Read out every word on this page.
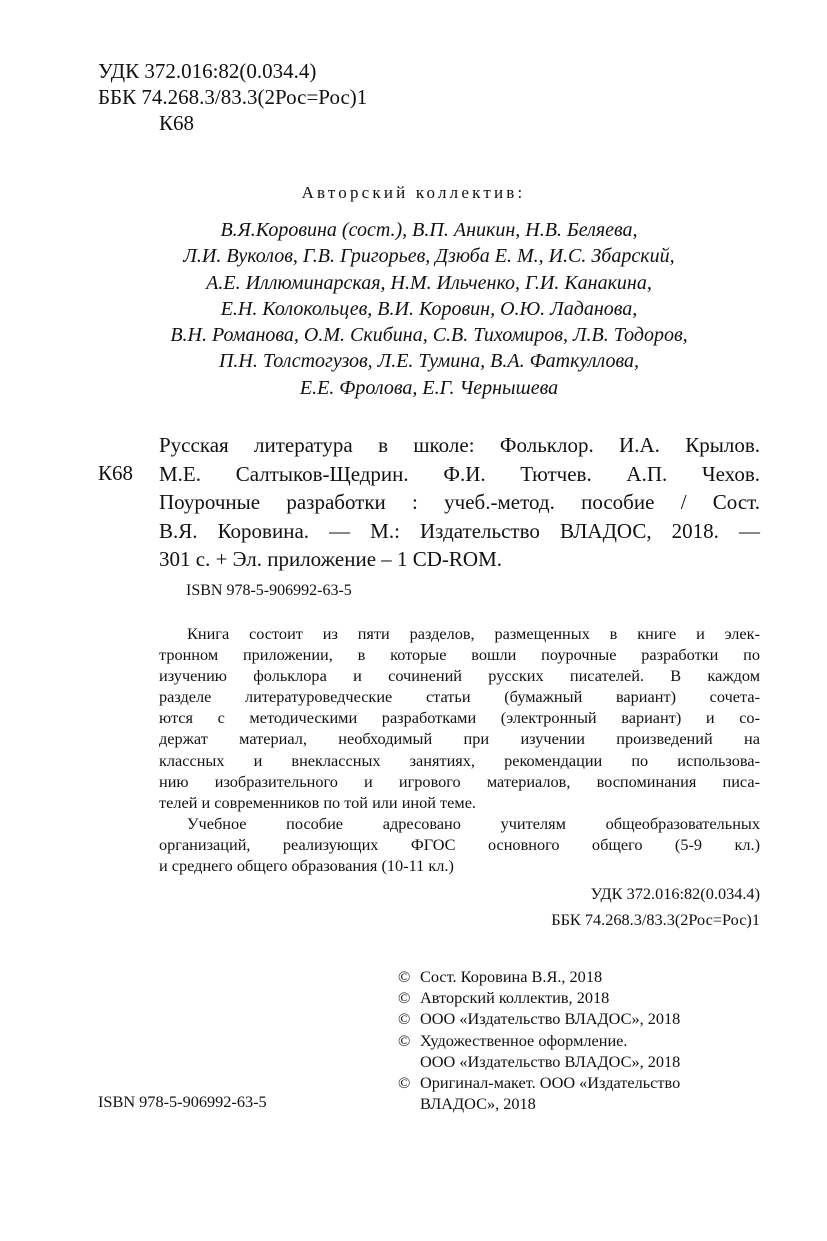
УДК 372.016:82(0.034.4)
ББК 74.268.3/83.3(2Рос=Рос)1
К68
Авторский коллектив:
В.Я.Коровина (сост.), В.П. Аникин, Н.В. Беляева,
Л.И. Вуколов, Г.В. Григорьев, Дзюба Е. М., И.С. Збарский,
А.Е. Иллюминарская, Н.М. Ильченко, Г.И. Канакина,
Е.Н. Колокольцев, В.И. Коровин, О.Ю. Ладанова,
В.Н. Романова, О.М. Скибина, С.В. Тихомиров, Л.В. Тодоров,
П.Н. Толстогузов, Л.Е. Тумина, В.А. Фаткуллова,
Е.Е. Фролова, Е.Г. Чернышева
К68
Русская литература в школе: Фольклор. И.А. Крылов.
М.Е. Салтыков-Щедрин. Ф.И. Тютчев. А.П. Чехов.
Поурочные разработки : учеб.-метод. пособие / Сост.
В.Я. Коровина. — М.: Издательство ВЛАДОС, 2018. —
301 с. + Эл. приложение – 1 CD-ROM.
ISBN 978-5-906992-63-5
Книга состоит из пяти разделов, размещенных в книге и элек-
тронном приложении, в которые вошли поурочные разработки по
изучению фольклора и сочинений русских писателей. В каждом
разделе литературоведческие статьи (бумажный вариант) сочета-
ются с методическими разработками (электронный вариант) и со-
держат материал, необходимый при изучении произведений на
классных и внеклассных занятиях, рекомендации по использова-
нию изобразительного и игрового материалов, воспоминания писа-
телей и современников по той или иной теме.
Учебное пособие адресовано учителям общеобразовательных
организаций, реализующих ФГОС основного общего (5-9 кл.)
и среднего общего образования (10-11 кл.)
УДК 372.016:82(0.034.4)
ББК 74.268.3/83.3(2Рос=Рос)1
© Сост. Коровина В.Я., 2018
© Авторский коллектив, 2018
© ООО «Издательство ВЛАДОС», 2018
© Художественное оформление.
ООО «Издательство ВЛАДОС», 2018
© Оригинал-макет. ООО «Издательство
ВЛАДОС», 2018
ISBN 978-5-906992-63-5
